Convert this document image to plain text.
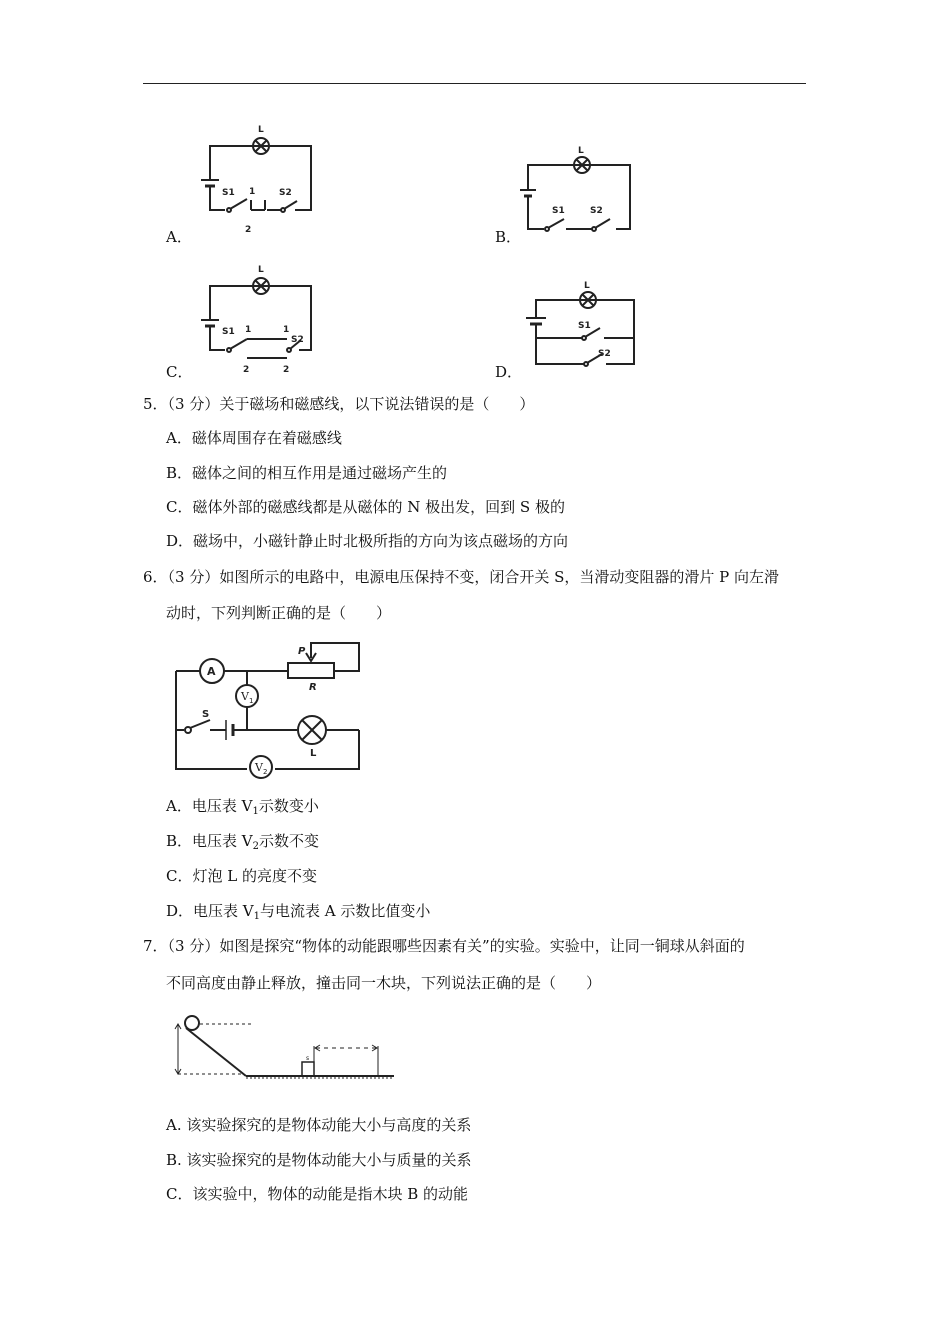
L
S1	S2
1
2
A．
L
S1	S2
B．
L
S1
S2
1	1
2	2
C．
L
S1
S2
D．
5．（3 分）关于磁场和磁感线，以下说法错误的是（　　）
A．磁体周围存在着磁感线
B．磁体之间的相互作用是通过磁场产生的
C．磁体外部的磁感线都是从磁体的 N 极出发，回到 S 极的
D．磁场中，小磁针静止时北极所指的方向为该点磁场的方向
6．（3 分）如图所示的电路中，电源电压保持不变，闭合开关 S，当滑动变阻器的滑片 P 向左滑
动时，下列判断正确的是（　　）
A
V 1
V 2
P
R
S
L
A．电压表 $V_1$示数变小
B．电压表 $V_2$示数不变
C．灯泡 L 的亮度不变
D．电压表 $V_1$与电流表 A 示数比值变小
7．（3 分）如图是探究“物体的动能跟哪些因素有关”的实验。实验中，让同一铜球从斜面的
不同高度由静止释放，撞击同一木块，下列说法正确的是（　　）
s
A. 该实验探究的是物体动能大小与高度的关系
B. 该实验探究的是物体动能大小与质量的关系
C．该实验中，物体的动能是指木块 B 的动能
